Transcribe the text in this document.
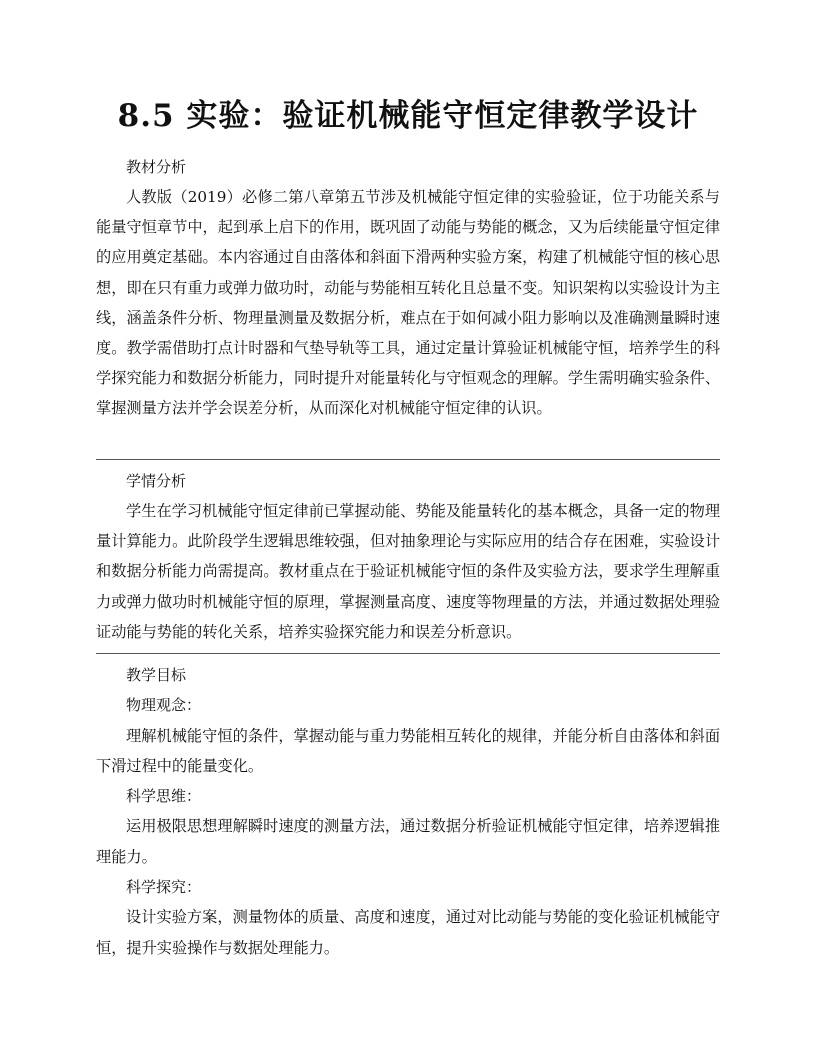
8.5 实验：验证机械能守恒定律教学设计
教材分析

人教版（2019）必修二第八章第五节涉及机械能守恒定律的实验验证，位于功能关系与能量守恒章节中，起到承上启下的作用，既巩固了动能与势能的概念，又为后续能量守恒定律的应用奠定基础。本内容通过自由落体和斜面下滑两种实验方案，构建了机械能守恒的核心思想，即在只有重力或弹力做功时，动能与势能相互转化且总量不变。知识架构以实验设计为主线，涵盖条件分析、物理量测量及数据分析，难点在于如何减小阻力影响以及准确测量瞬时速度。教学需借助打点计时器和气垫导轨等工具，通过定量计算验证机械能守恒，培养学生的科学探究能力和数据分析能力，同时提升对能量转化与守恒观念的理解。学生需明确实验条件、掌握测量方法并学会误差分析，从而深化对机械能守恒定律的认识。

学情分析

学生在学习机械能守恒定律前已掌握动能、势能及能量转化的基本概念，具备一定的物理量计算能力。此阶段学生逻辑思维较强，但对抽象理论与实际应用的结合存在困难，实验设计和数据分析能力尚需提高。教材重点在于验证机械能守恒的条件及实验方法，要求学生理解重力或弹力做功时机械能守恒的原理，掌握测量高度、速度等物理量的方法，并通过数据处理验证动能与势能的转化关系，培养实验探究能力和误差分析意识。

教学目标
物理观念：

理解机械能守恒的条件，掌握动能与重力势能相互转化的规律，并能分析自由落体和斜面下滑过程中的能量变化。

科学思维：

运用极限思想理解瞬时速度的测量方法，通过数据分析验证机械能守恒定律，培养逻辑推理能力。

科学探究：

设计实验方案，测量物体的质量、高度和速度，通过对比动能与势能的变化验证机械能守恒，提升实验操作与数据处理能力。
